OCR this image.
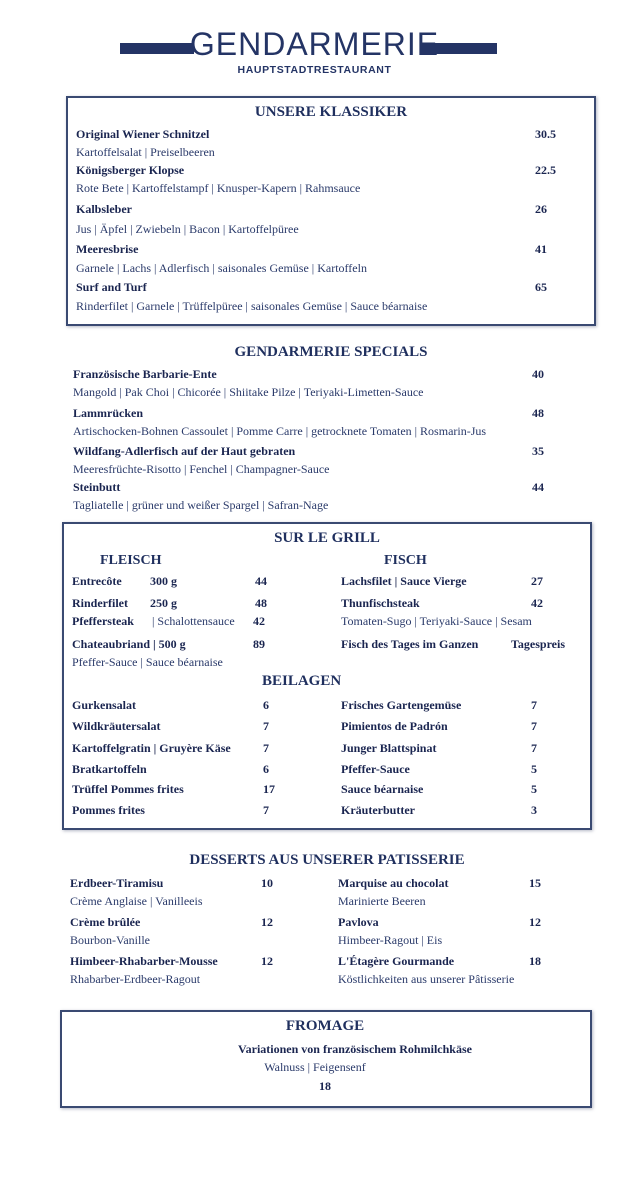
GENDARMERIE
HAUPTSTADTRESTAURANT
UNSERE KLASSIKER
Original Wiener Schnitzel	30.5
Kartoffelsalat | Preiselbeeren
Königsberger Klopse	22.5
Rote Bete | Kartoffelstampf | Knusper-Kapern | Rahmsauce
Kalbsleber	26
Jus | Äpfel | Zwiebeln | Bacon | Kartoffelpüree
Meeresbrise	41
Garnele | Lachs | Adlerfisch | saisonales Gemüse | Kartoffeln
Surf and Turf	65
Rinderfilet | Garnele | Trüffelpüree | saisonales Gemüse | Sauce béarnaise
GENDARMERIE SPECIALS
Französische Barbarie-Ente	40
Mangold | Pak Choi | Chicorée | Shiitake Pilze | Teriyaki-Limetten-Sauce
Lammrücken	48
Artischocken-Bohnen Cassoulet | Pomme Carre | getrocknete Tomaten | Rosmarin-Jus
Wildfang-Adlerfisch auf der Haut gebraten	35
Meeresfrüchte-Risotto | Fenchel | Champagner-Sauce
Steinbutt	44
Tagliatelle | grüner und weißer Spargel | Safran-Nage
SUR LE GRILL
FLEISCH	FISCH
Entrecôte 300 g	44
Rinderfilet 250 g	48
Pfeffersteak | Schalottensauce 42
Chateaubriand | 500 g	89
Pfeffer-Sauce | Sauce béarnaise
Lachsfilet | Sauce Vierge	27
Thunfischsteak	42
Tomaten-Sugo | Teriyaki-Sauce | Sesam
Fisch des Tages im Ganzen	Tagespreis
BEILAGEN
Gurkensalat	6
Wildkräutersalat	7
Kartoffelgratin | Gruyère Käse	7
Bratkartoffeln	6
Trüffel Pommes frites	17
Pommes frites	7
Frisches Gartengemüse	7
Pimientos de Padrón	7
Junger Blattspinat	7
Pfeffer-Sauce	5
Sauce béarnaise	5
Kräuterbutter	3
DESSERTS AUS UNSERER PATISSERIE
Erdbeer-Tiramisu	10
Crème Anglaise | Vanilleeis
Crème brûlée	12
Bourbon-Vanille
Himbeer-Rhabarber-Mousse	12
Rhabarber-Erdbeer-Ragout
Marquise au chocolat	15
Marinierte Beeren
Pavlova	12
Himbeer-Ragout | Eis
L'Étagère Gourmande	18
Köstlichkeiten aus unserer Pâtisserie
FROMAGE
Variationen von französischem Rohmilchkäse
Walnuss | Feigensenf
18
